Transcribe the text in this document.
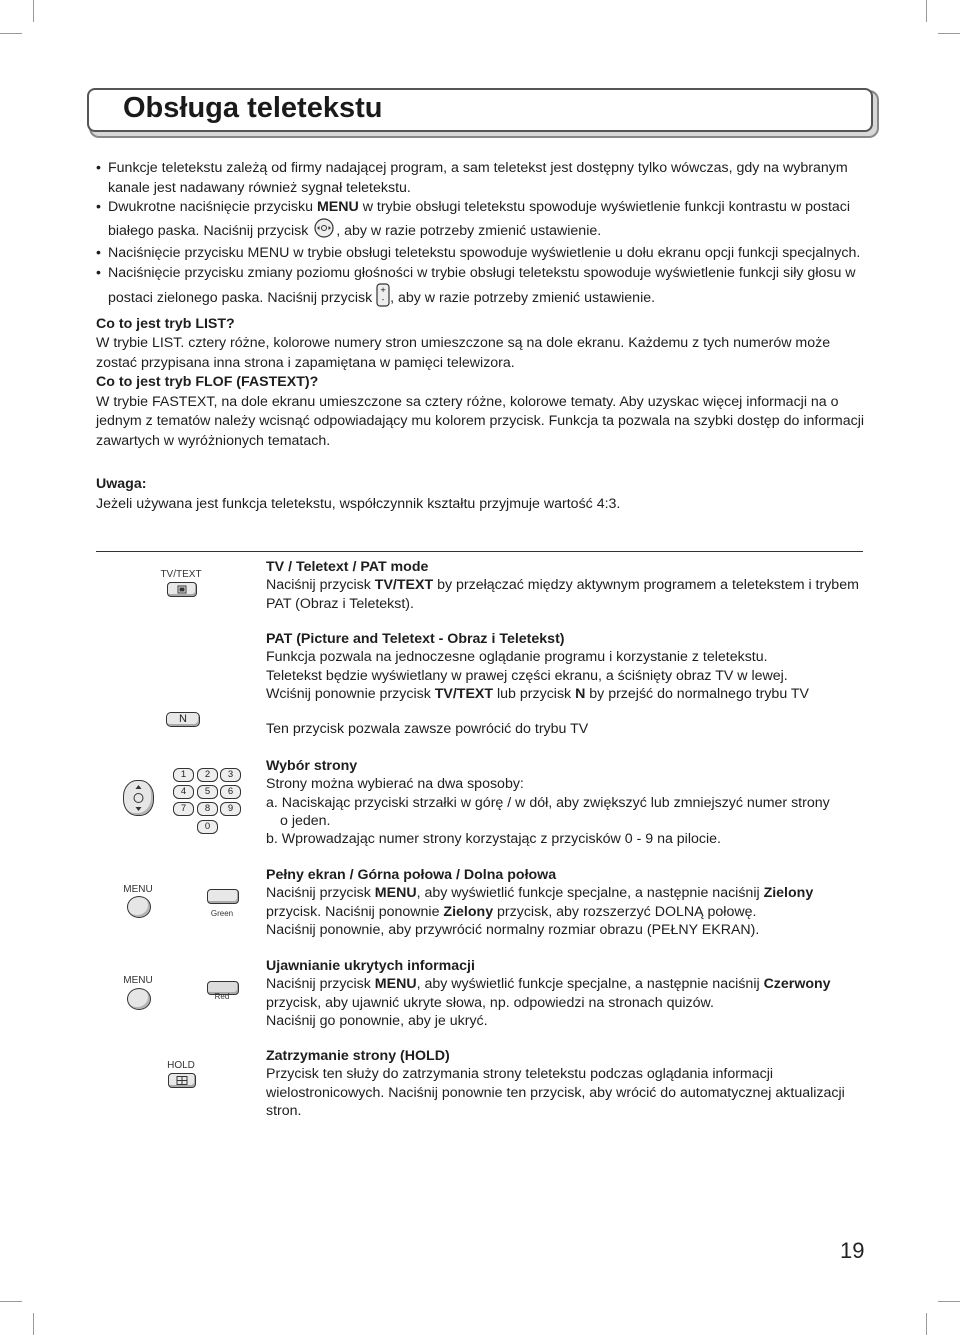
Obsługa teletekstu
• Funkcje teletekstu zależą od firmy nadającej program, a sam teletekst jest dostępny tylko wówczas, gdy na wybranym kanale jest nadawany również sygnał teletekstu.
• Dwukrotne naciśnięcie przycisku MENU w trybie obsługi teletekstu spowoduje wyświetlenie funkcji kontrastu w postaci białego paska. Naciśnij przycisk , aby w razie potrzeby zmienić ustawienie.
• Naciśnięcie przycisku MENU w trybie obsługi teletekstu spowoduje wyświetlenie u dołu ekranu opcji funkcji specjalnych.
• Naciśnięcie przycisku zmiany poziomu głośności w trybie obsługi teletekstu spowoduje wyświetlenie funkcji siły głosu w postaci zielonego paska. Naciśnij przycisk +
- , aby w razie potrzeby zmienić ustawienie.

Co to jest tryb LIST?

W trybie LIST. cztery różne, kolorowe numery stron umieszczone są na dole ekranu. Każdemu z tych numerów może zostać przypisana inna strona i zapamiętana w pamięci telewizora.

Co to jest tryb FLOF (FASTEXT)?

W trybie FASTEXT, na dole ekranu umieszczone sa cztery różne, kolorowe tematy. Aby uzyskac więcej informacji na o jednym z tematów należy wcisnąć odpowiadający mu kolorem przycisk. Funkcja ta pozwala na szybki dostęp do informacji zawartych w wyróżnionych tematach.

Uwaga:

Jeżeli używana jest funkcja teletekstu, współczynnik kształtu przyjmuje wartość 4:3.

TV/TEXT	TV / Teletext / PAT mode
Naciśnij przycisk TV/TEXT by przełączać między aktywnym programem a teletekstem i trybem PAT (Obraz i Teletekst).
PAT (Picture and Teletext - Obraz i Teletekst)
Funkcja pozwala na jednoczesne oglądanie programu i korzystanie z teletekstu.
Teletekst będzie wyświetlany w prawej części ekranu, a ściśnięty obraz TV w lewej.
Wciśnij ponownie przycisk TV/TEXT lub przycisk N by przejść do normalnego trybu TV
Ten przycisk pozwala zawsze powrócić do trybu TV
N
1	2	3
4	5	6
7	8	9
0
Wybór strony
Strony można wybierać na dwa sposoby:
a. Naciskając przyciski strzałki w górę / w dół, aby zwiększyć lub zmniejszyć numer strony
o jeden.
b. Wprowadzając numer strony korzystając z przycisków 0 - 9 na pilocie.
MENU
Green
Pełny ekran / Górna połowa / Dolna połowa
Naciśnij przycisk MENU, aby wyświetlić funkcje specjalne, a następnie naciśnij Zielony przycisk. Naciśnij ponownie Zielony przycisk, aby rozszerzyć DOLNĄ połowę.
Naciśnij ponownie, aby przywrócić normalny rozmiar obrazu (PEŁNY EKRAN).
MENU
Red
Ujawnianie ukrytych informacji
Naciśnij przycisk MENU, aby wyświetlić funkcje specjalne, a następnie naciśnij Czerwony przycisk, aby ujawnić ukryte słowa, np. odpowiedzi na stronach quizów.
Naciśnij go ponownie, aby je ukryć.
HOLD
Zatrzymanie strony (HOLD)
Przycisk ten służy do zatrzymania strony teletekstu podczas oglądania informacji wielostronicowych. Naciśnij ponownie ten przycisk, aby wrócić do automatycznej aktualizacji stron.
19
